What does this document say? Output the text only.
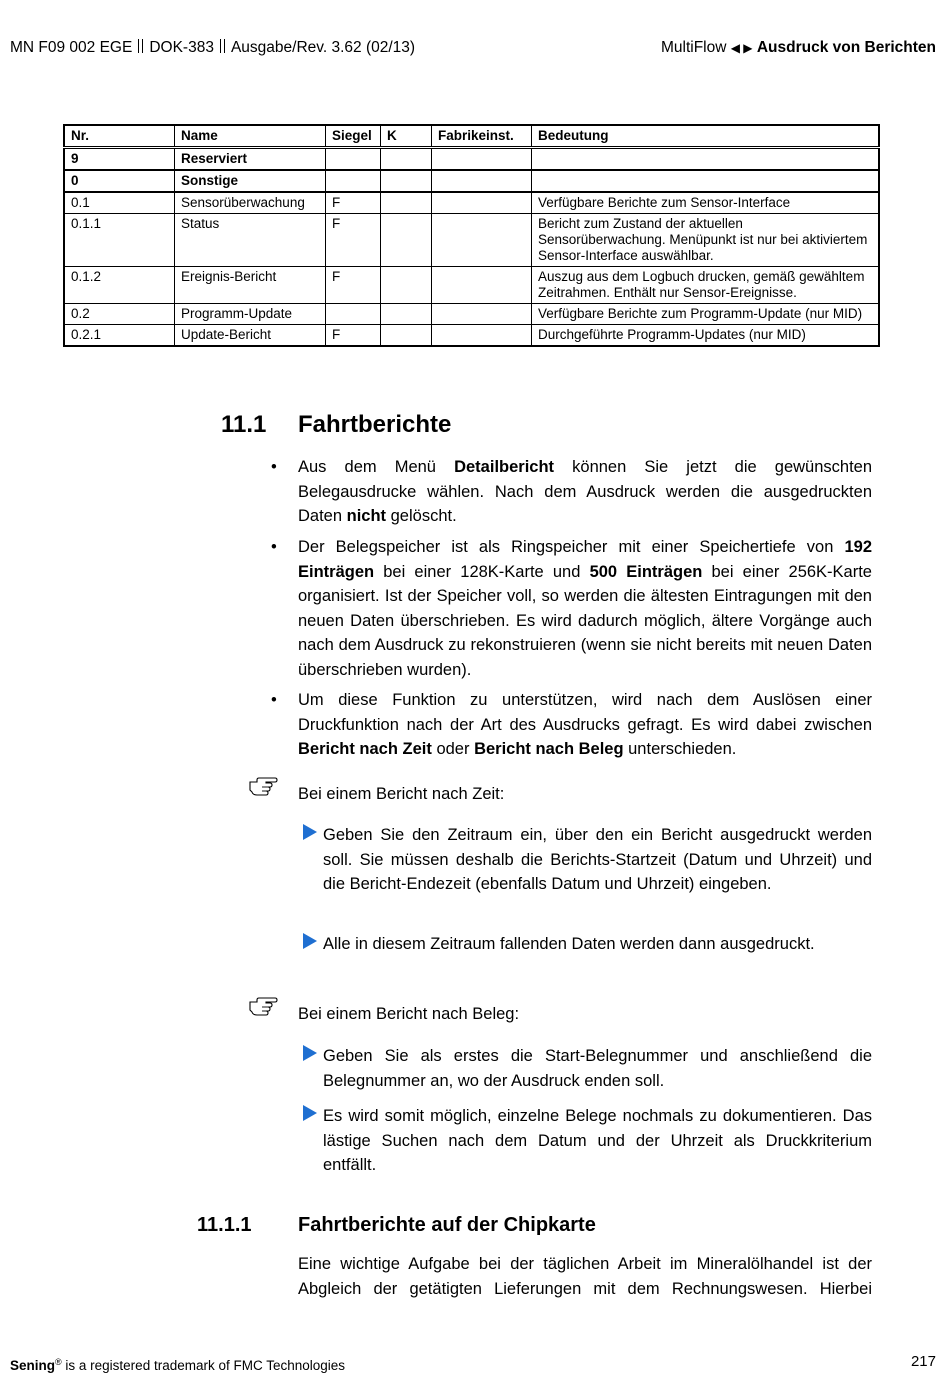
MN F09 002 EGE DOK-383 Ausgabe/Rev. 3.62 (02/13)	MultiFlow ◀ ▶ Ausdruck von Berichten
Nr.	Name	Siegel	K	Fabrikeinst.	Bedeutung
9	Reserviert				
0	Sonstige				
0.1	Sensorüberwachung	F			Verfügbare Berichte zum Sensor-Interface
0.1.1	Status	F			Bericht zum Zustand der aktuellen Sensorüberwachung. Menüpunkt ist nur bei aktiviertem Sensor-Interface auswählbar.
0.1.2	Ereignis-Bericht	F			Auszug aus dem Logbuch drucken, gemäß gewähltem Zeitrahmen. Enthält nur Sensor-Ereignisse.
0.2	Programm-Update				Verfügbare Berichte zum Programm-Update (nur MID)
0.2.1	Update-Bericht	F			Durchgeführte Programm-Updates (nur MID)
11.1 Fahrtberichte
• Aus dem Menü Detailbericht können Sie jetzt die gewünschten Belegausdrucke wählen. Nach dem Ausdruck werden die ausgedruckten Daten nicht gelöscht.
• Der Belegspeicher ist als Ringspeicher mit einer Speichertiefe von 192 Einträgen bei einer 128K-Karte und 500 Einträgen bei einer 256K-Karte organisiert. Ist der Speicher voll, so werden die ältesten Eintragungen mit den neuen Daten überschrieben. Es wird dadurch möglich, ältere Vorgänge auch nach dem Ausdruck zu rekonstruieren (wenn sie nicht bereits mit neuen Daten überschrieben wurden).
• Um diese Funktion zu unterstützen, wird nach dem Auslösen einer Druckfunktion nach der Art des Ausdrucks gefragt. Es wird dabei zwischen Bericht nach Zeit oder Bericht nach Beleg unterschieden.
Bei einem Bericht nach Zeit:
Geben Sie den Zeitraum ein, über den ein Bericht ausgedruckt werden soll. Sie müssen deshalb die Berichts-Startzeit (Datum und Uhrzeit) und die Bericht-Endezeit (ebenfalls Datum und Uhrzeit) eingeben.
Alle in diesem Zeitraum fallenden Daten werden dann ausgedruckt.
Bei einem Bericht nach Beleg:
Geben Sie als erstes die Start-Belegnummer und anschließend die Belegnummer an, wo der Ausdruck enden soll.
Es wird somit möglich, einzelne Belege nochmals zu dokumentieren. Das lästige Suchen nach dem Datum und der Uhrzeit als Druckkriterium entfällt.
11.1.1 Fahrtberichte auf der Chipkarte
Eine wichtige Aufgabe bei der täglichen Arbeit im Mineralölhandel ist der Abgleich der getätigten Lieferungen mit dem Rechnungswesen. Hierbei
Sening® is a registered trademark of FMC Technologies	217
